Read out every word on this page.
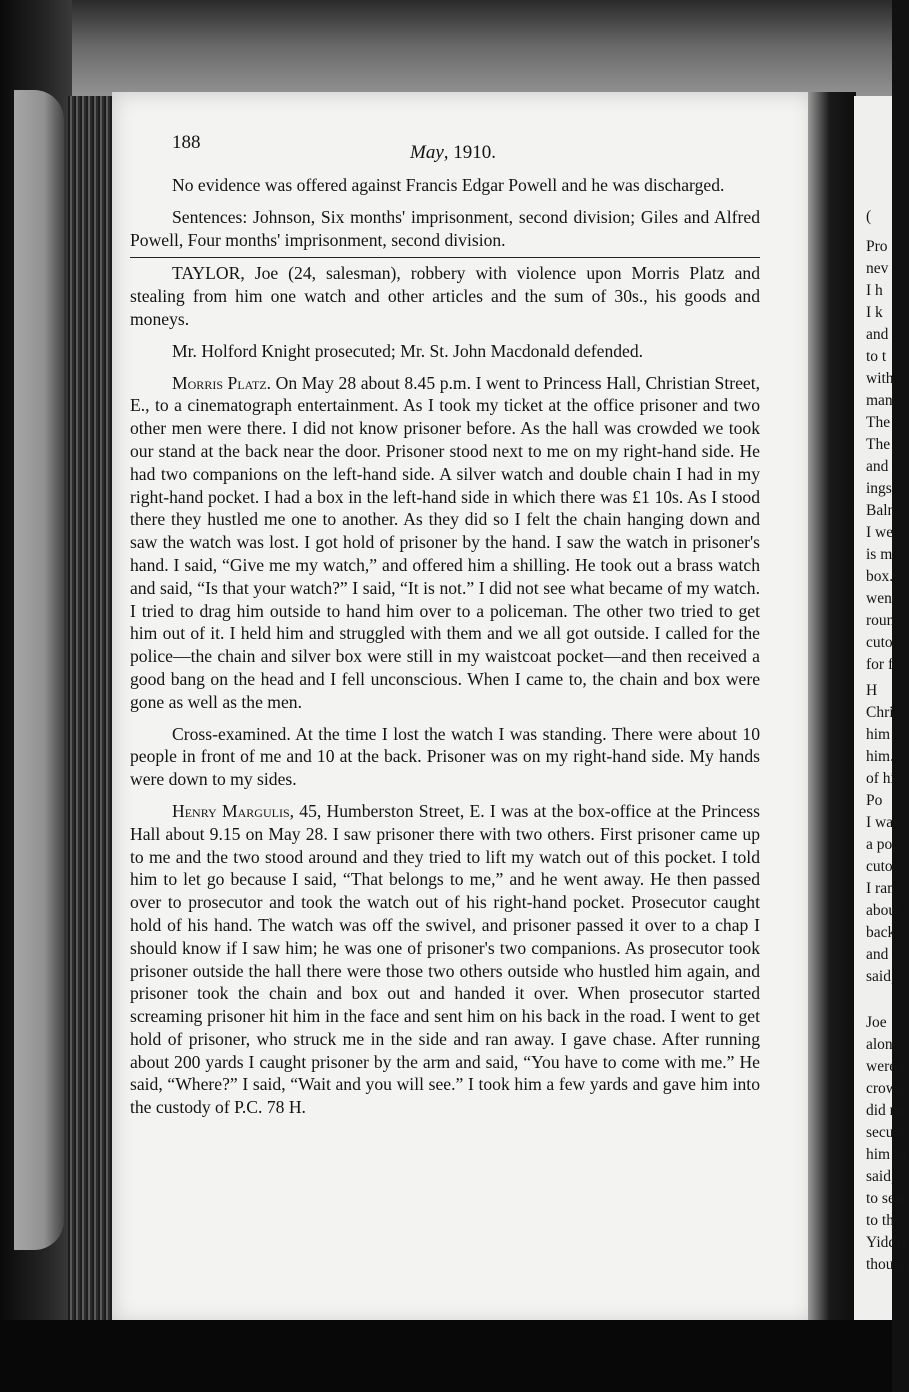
(
Pro
nev
I h
I k
and
to t
with
man
The
The
and
ings
Baln
I we
is m
box.
went
roun
cuto
for f
H
Chri
him
him.
of hi
Po
I was
a pol
cutor
I ran
about
back,
and
said,
Joe
alone.
were f
crowd
did no
secuto
him to
said, “
to sear
to the
Yiddis
though
188	May, 1910.

No evidence was offered against Francis Edgar Powell and he was discharged.

Sentences: Johnson, Six months' imprisonment, second division; Giles and Alfred Powell, Four months' imprisonment, second division.

TAYLOR, Joe (24, salesman), robbery with violence upon Morris Platz and stealing from him one watch and other articles and the sum of 30s., his goods and moneys.

Mr. Holford Knight prosecuted; Mr. St. John Macdonald defended.

Morris Platz. On May 28 about 8.45 p.m. I went to Princess Hall, Christian Street, E., to a cinematograph entertainment. As I took my ticket at the office prisoner and two other men were there. I did not know prisoner before. As the hall was crowded we took our stand at the back near the door. Prisoner stood next to me on my right-hand side. He had two companions on the left-hand side. A silver watch and double chain I had in my right-hand pocket. I had a box in the left-hand side in which there was £1 10s. As I stood there they hustled me one to another. As they did so I felt the chain hanging down and saw the watch was lost. I got hold of prisoner by the hand. I saw the watch in prisoner's hand. I said, “Give me my watch,” and offered him a shilling. He took out a brass watch and said, “Is that your watch?” I said, “It is not.” I did not see what became of my watch. I tried to drag him outside to hand him over to a policeman. The other two tried to get him out of it. I held him and struggled with them and we all got outside. I called for the police—the chain and silver box were still in my waistcoat pocket—and then received a good bang on the head and I fell unconscious. When I came to, the chain and box were gone as well as the men.

Cross-examined. At the time I lost the watch I was standing. There were about 10 people in front of me and 10 at the back. Prisoner was on my right-hand side. My hands were down to my sides.

Henry Margulis, 45, Humberston Street, E. I was at the box-office at the Princess Hall about 9.15 on May 28. I saw prisoner there with two others. First prisoner came up to me and the two stood around and they tried to lift my watch out of this pocket. I told him to let go because I said, “That belongs to me,” and he went away. He then passed over to prosecutor and took the watch out of his right-hand pocket. Prosecutor caught hold of his hand. The watch was off the swivel, and prisoner passed it over to a chap I should know if I saw him; he was one of prisoner's two companions. As prosecutor took prisoner outside the hall there were those two others outside who hustled him again, and prisoner took the chain and box out and handed it over. When prosecutor started screaming prisoner hit him in the face and sent him on his back in the road. I went to get hold of prisoner, who struck me in the side and ran away. I gave chase. After running about 200 yards I caught prisoner by the arm and said, “You have to come with me.” He said, “Where?” I said, “Wait and you will see.” I took him a few yards and gave him into the custody of P.C. 78 H.
